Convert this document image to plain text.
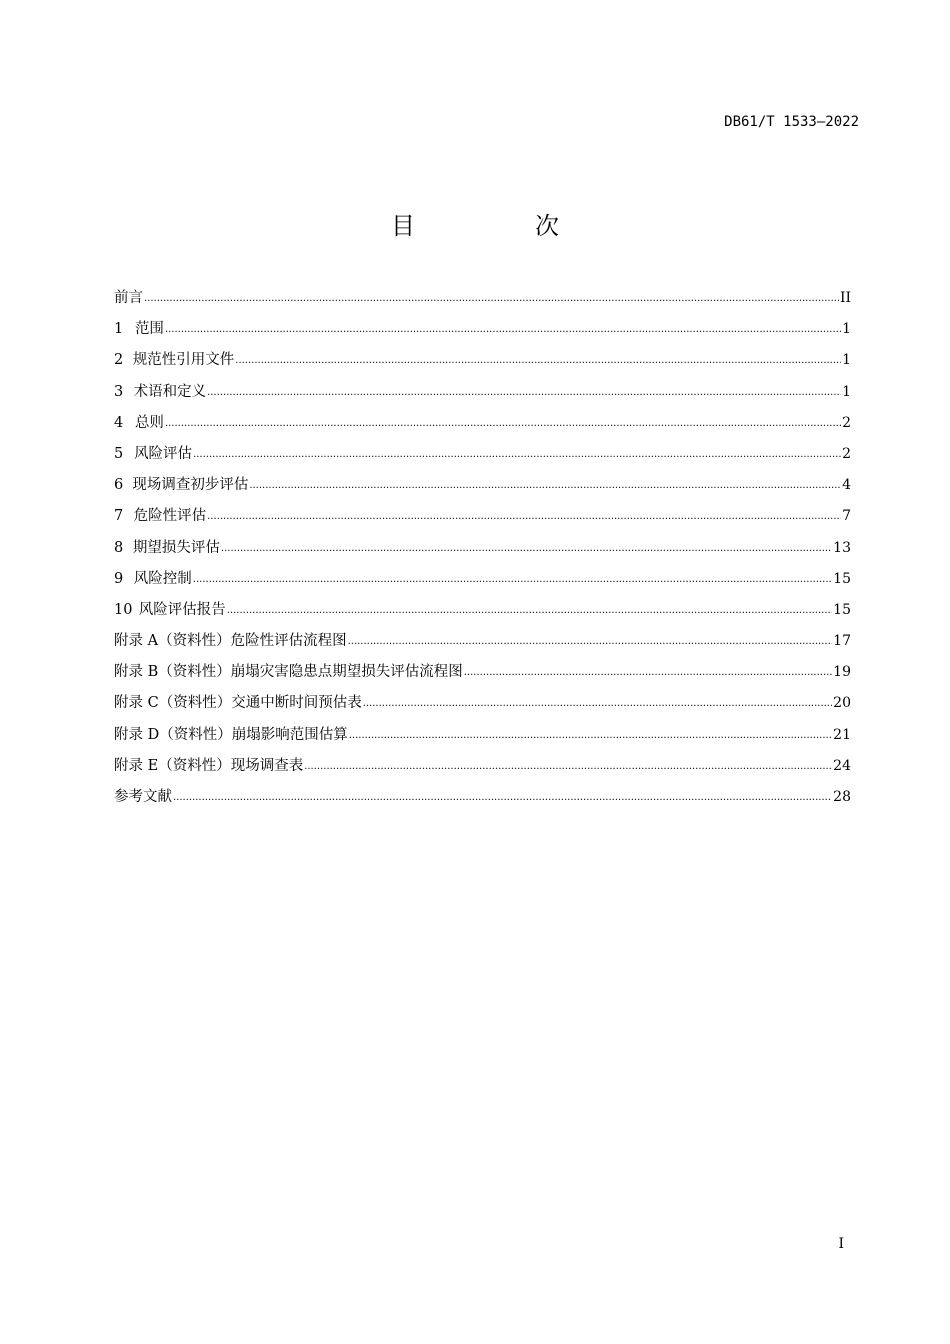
DB61/T 1533—2022
目　次
前言 .....	II
1 范围 .....	1
2 规范性引用文件 .....	1
3 术语和定义 .....	1
4 总则 .....	2
5 风险评估 .....	2
6 现场调查初步评估 .....	4
7 危险性评估 .....	7
8 期望损失评估 .....	13
9 风险控制 .....	15
10 风险评估报告 .....	15
附录 A（资料性） 危险性评估流程图 .....	17
附录 B（资料性） 崩塌灾害隐患点期望损失评估流程图 .....	19
附录 C（资料性） 交通中断时间预估表 .....	20
附录 D（资料性） 崩塌影响范围估算 .....	21
附录 E（资料性） 现场调查表 .....	24
参考文献 .....	28
I
